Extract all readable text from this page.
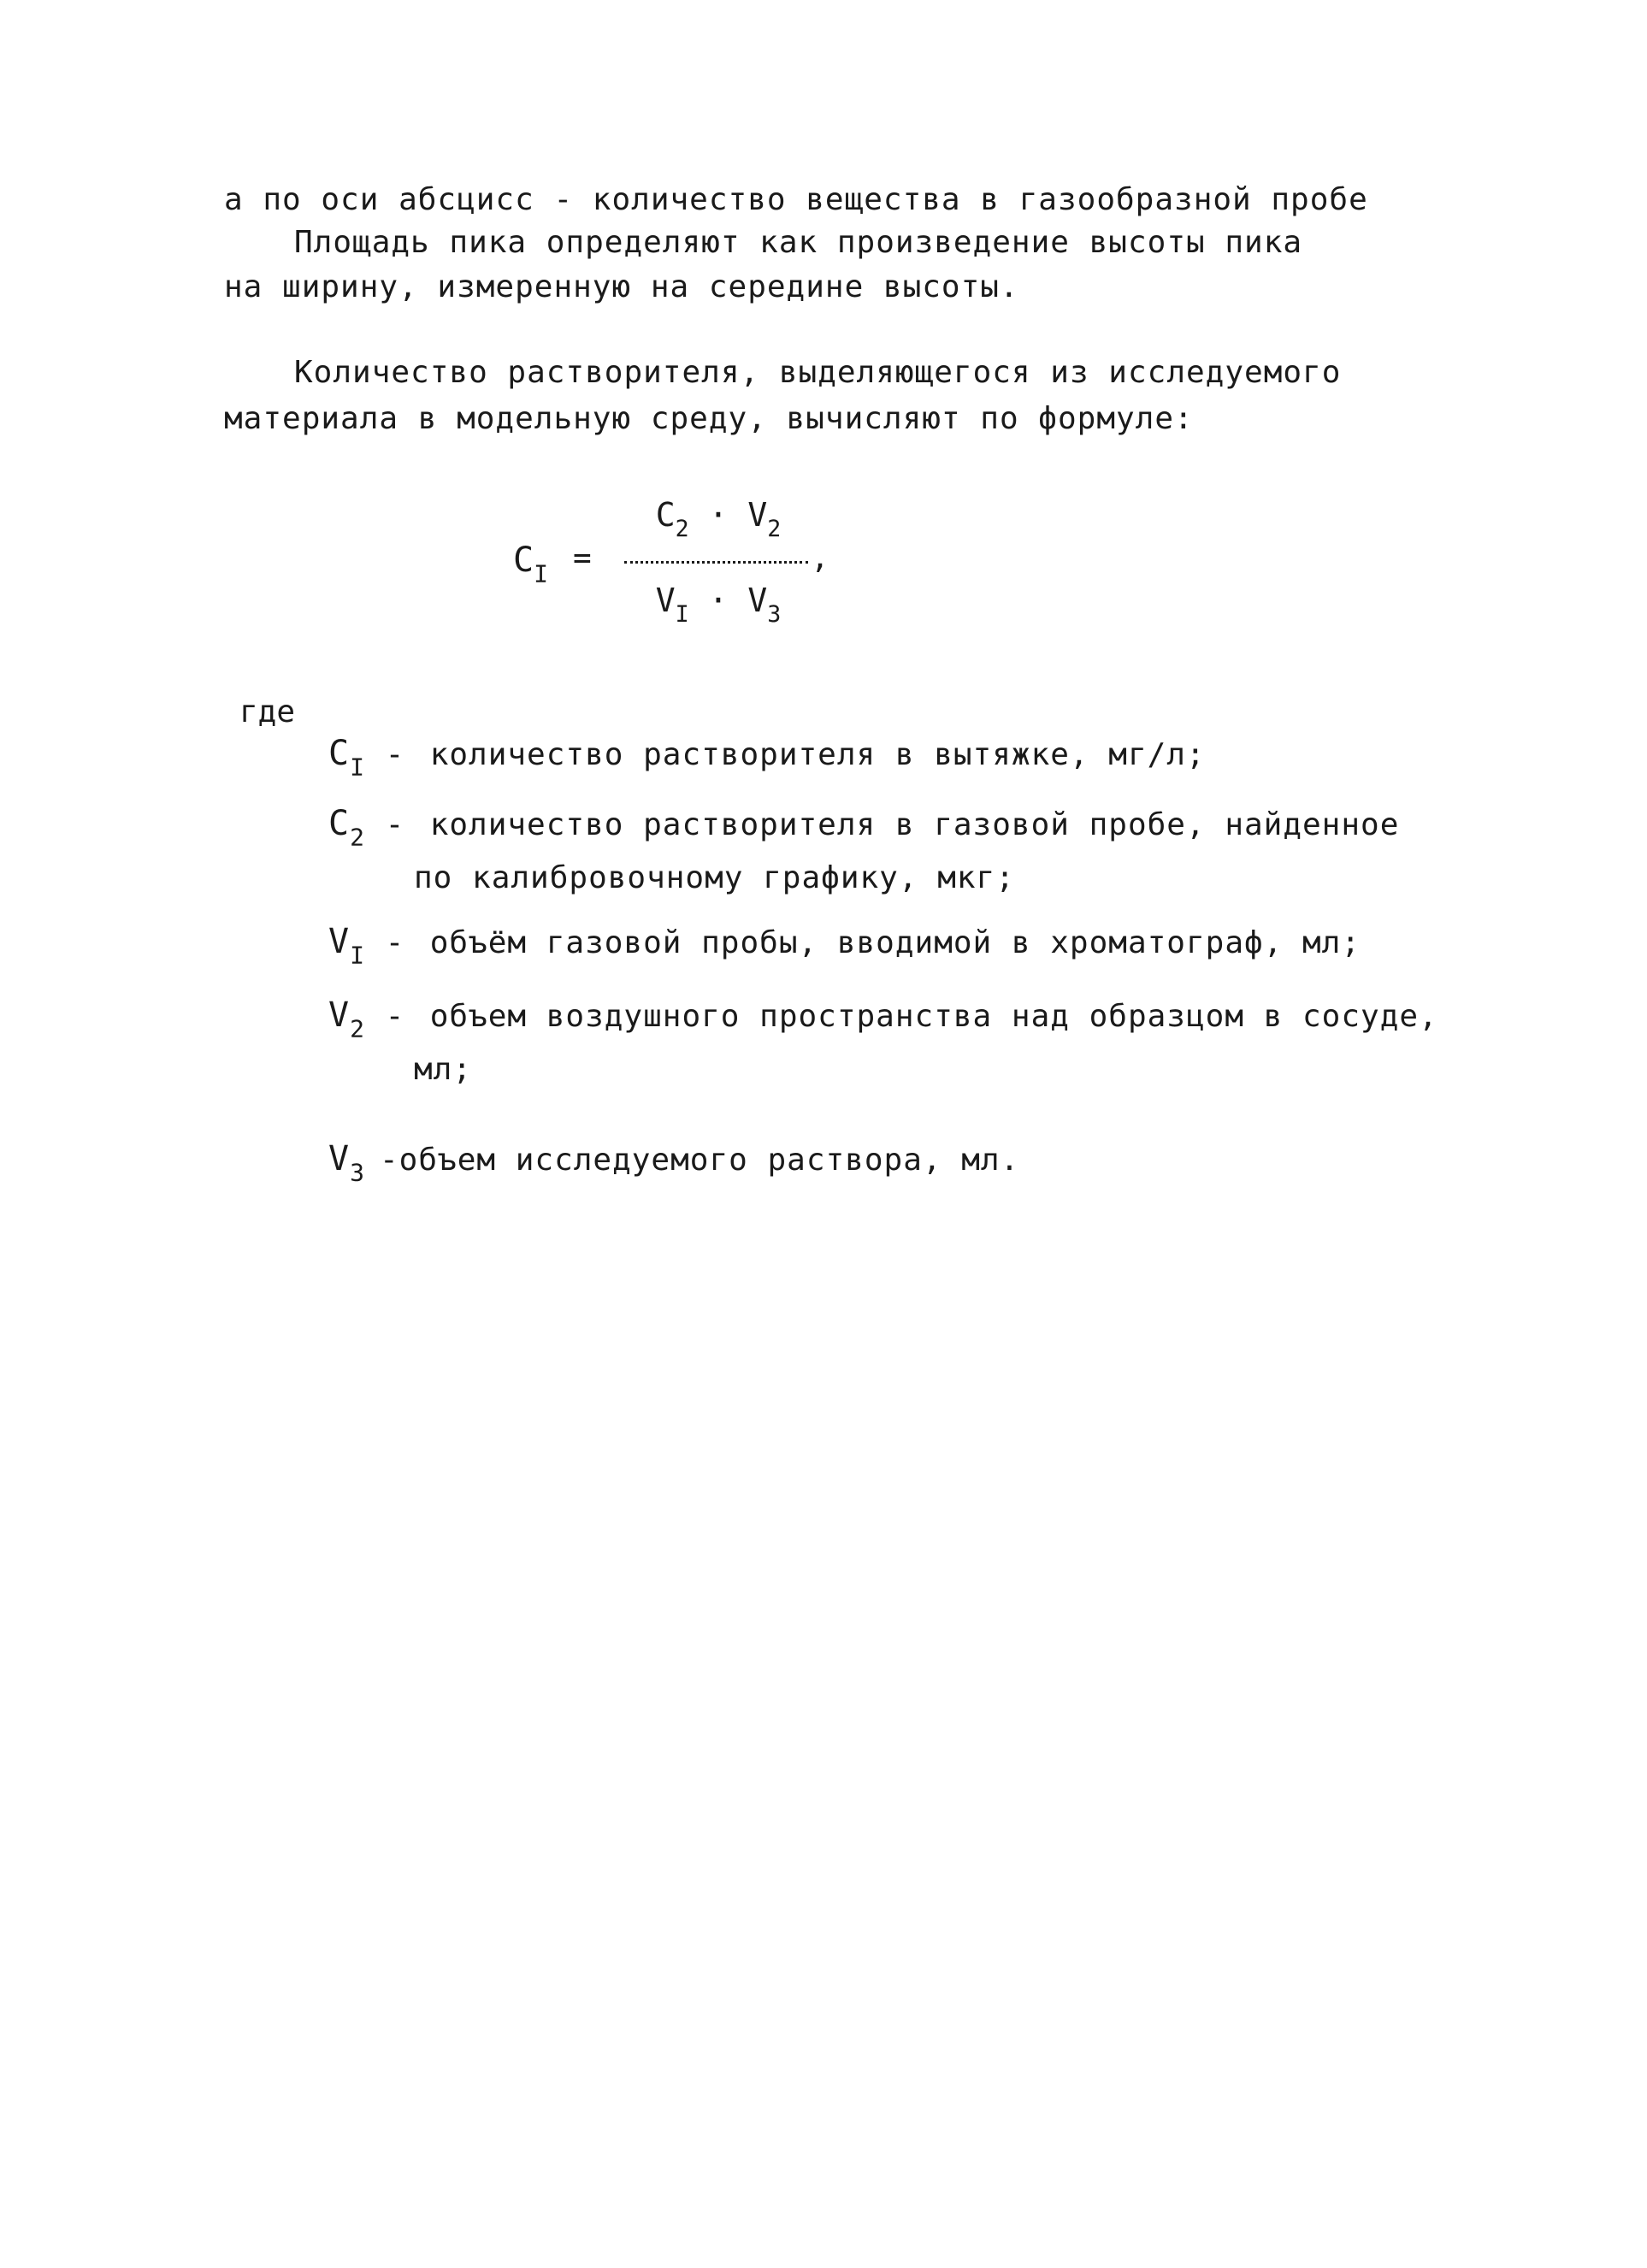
а по оси абсцисс - количество вещества в газообразной пробе
Площадь пика определяют как произведение высоты пика
на ширину, измеренную на середине высоты.
Количество растворителя, выделяющегося из исследуемого
материала в модельную среду, вычисляют по формуле:
$C_I$ =
$C_2 \cdot V_2$
,
$V_I \cdot V_3$
где
$C_I$ - количество растворителя в вытяжке, мг/л;
$C_2$ - количество растворителя в газовой пробе, найденное
по калибровочному графику, мкг;
$V_I$ - объём газовой пробы, вводимой в хроматограф, мл;
$V_2$ - объем воздушного пространства над образцом в сосуде,
мл;
$V_3$ -объем исследуемого раствора, мл.
